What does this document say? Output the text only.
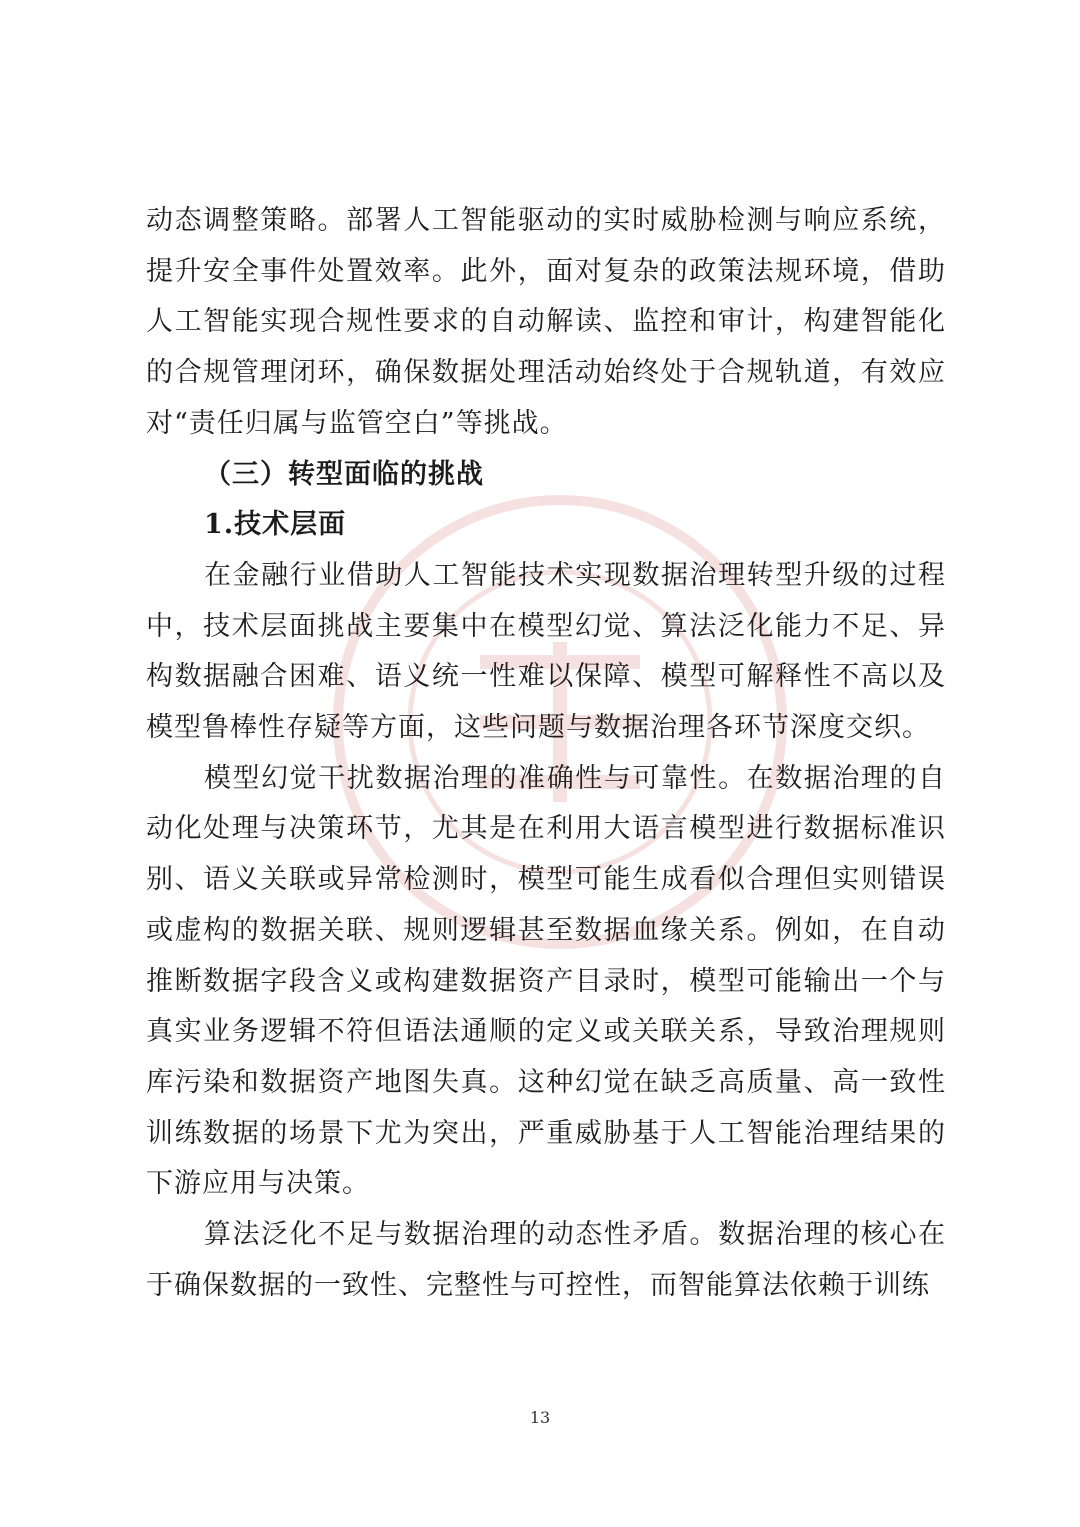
动态调整策略。部署人工智能驱动的实时威胁检测与响应系统，提升安全事件处置效率。此外，面对复杂的政策法规环境，借助人工智能实现合规性要求的自动解读、监控和审计，构建智能化的合规管理闭环，确保数据处理活动始终处于合规轨道，有效应对“责任归属与监管空白”等挑战。

（三）转型面临的挑战

1.技术层面

在金融行业借助人工智能技术实现数据治理转型升级的过程中，技术层面挑战主要集中在模型幻觉、算法泛化能力不足、异构数据融合困难、语义统一性难以保障、模型可解释性不高以及模型鲁棒性存疑等方面，这些问题与数据治理各环节深度交织。

模型幻觉干扰数据治理的准确性与可靠性。在数据治理的自动化处理与决策环节，尤其是在利用大语言模型进行数据标准识别、语义关联或异常检测时，模型可能生成看似合理但实则错误或虚构的数据关联、规则逻辑甚至数据血缘关系。例如，在自动推断数据字段含义或构建数据资产目录时，模型可能输出一个与真实业务逻辑不符但语法通顺的定义或关联关系，导致治理规则库污染和数据资产地图失真。这种幻觉在缺乏高质量、高一致性训练数据的场景下尤为突出，严重威胁基于人工智能治理结果的下游应用与决策。

算法泛化不足与数据治理的动态性矛盾。数据治理的核心在于确保数据的一致性、完整性与可控性，而智能算法依赖于训练

13
